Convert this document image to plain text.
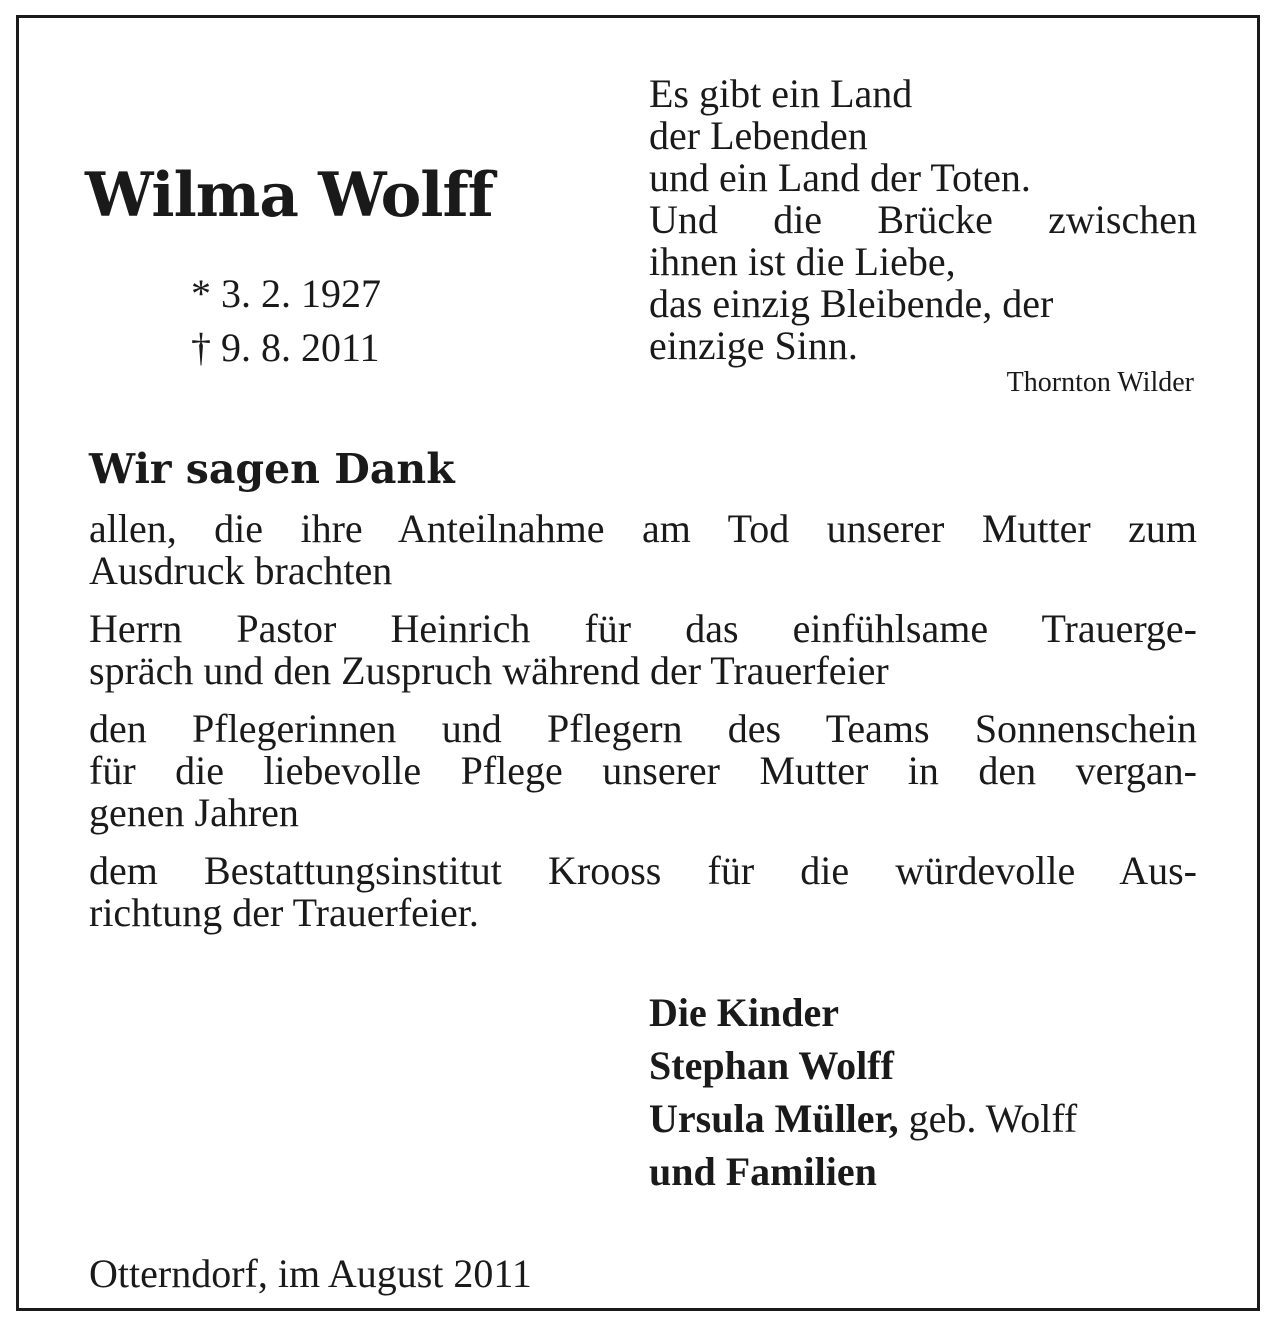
Wilma Wolff
* 3. 2. 1927
† 9. 8. 2011
Es gibt ein Land
der Lebenden
und ein Land der Toten.
Und die Brücke zwischen
ihnen ist die Liebe,
das einzig Bleibende, der
einzige Sinn.
Thornton Wilder
Wir sagen Dank
allen, die ihre Anteilnahme am Tod unserer Mutter zum
Ausdruck brachten
Herrn Pastor Heinrich für das einfühlsame Trauerge-
spräch und den Zuspruch während der Trauerfeier
den Pflegerinnen und Pflegern des Teams Sonnenschein
für die liebevolle Pflege unserer Mutter in den vergan-
genen Jahren
dem Bestattungsinstitut Krooss für die würdevolle Aus-
richtung der Trauerfeier.
Die Kinder
Stephan Wolff
Ursula Müller, geb. Wolff
und Familien
Otterndorf, im August 2011
